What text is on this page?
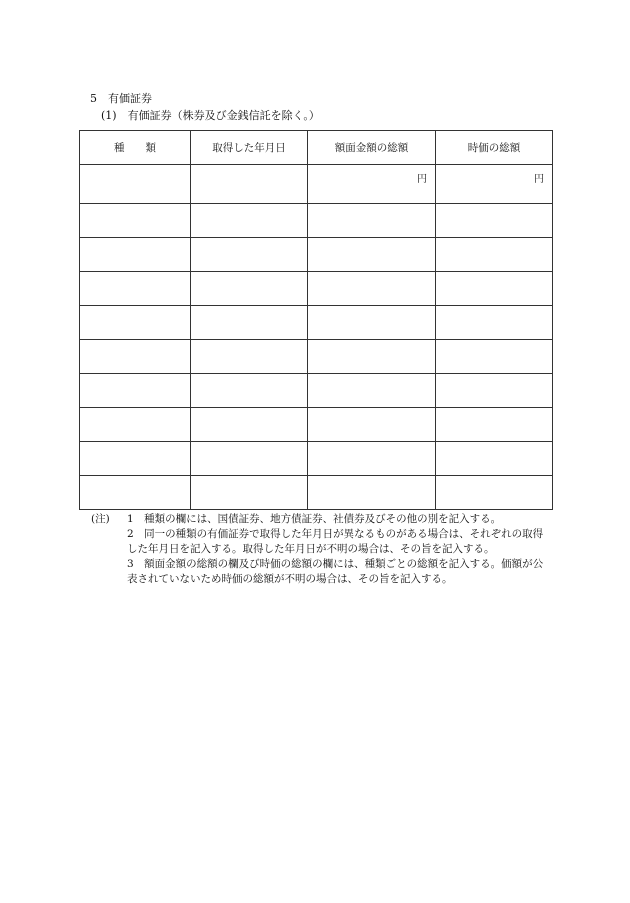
5　有価証券
(1)　有価証券（株券及び金銭信託を除く。）
種　　類	取得した年月日	額面金額の総額	時価の総額
		円	円

(注) 1　種類の欄には、国債証券、地方債証券、社債券及びその他の別を記入する。
2　同一の種類の有価証券で取得した年月日が異なるものがある場合は、それぞれの取得した年月日を記入する。取得した年月日が不明の場合は、その旨を記入する。
3　額面金額の総額の欄及び時価の総額の欄には、種類ごとの総額を記入する。価額が公表されていないため時価の総額が不明の場合は、その旨を記入する。
